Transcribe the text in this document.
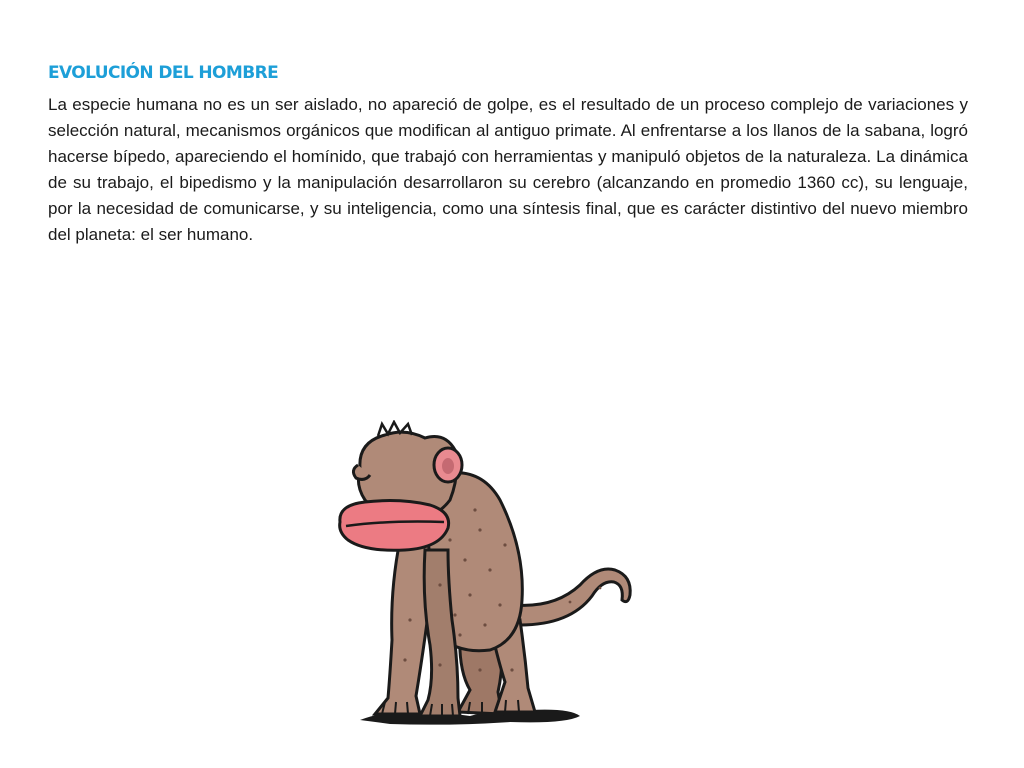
EVOLUCIÓN DEL HOMBRE

La especie humana no es un ser aislado, no apareció de golpe, es el resultado de un proceso complejo de variaciones y selección natural, mecanismos orgánicos que modifican al antiguo primate. Al enfrentarse a los llanos de la sabana, logró hacerse bípedo, apareciendo el homínido, que trabajó con herramientas y manipuló objetos de la naturaleza. La dinámica de su trabajo, el bipedismo y la manipulación desarrollaron su cerebro (alcanzando en promedio 1360 cc), su lenguaje, por la necesidad de comunicarse, y su inteligencia, como una síntesis final, que es carácter distintivo del nuevo miembro del planeta: el ser humano.
